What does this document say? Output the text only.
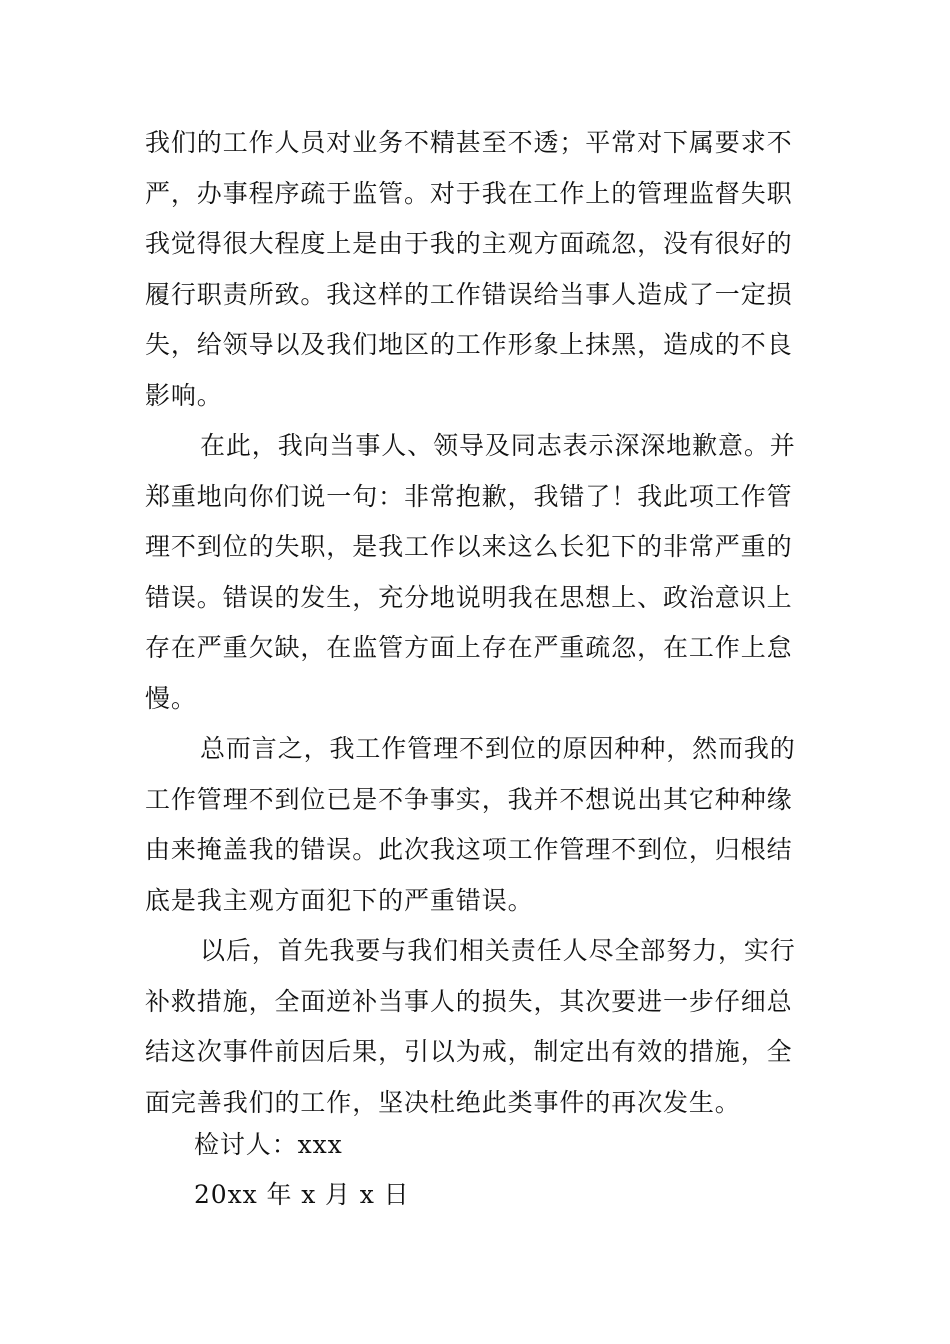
我们的工作人员对业务不精甚至不透；平常对下属要求不
严，办事程序疏于监管。对于我在工作上的管理监督失职
我觉得很大程度上是由于我的主观方面疏忽，没有很好的
履行职责所致。我这样的工作错误给当事人造成了一定损
失，给领导以及我们地区的工作形象上抹黑，造成的不良
影响。
在此，我向当事人、领导及同志表示深深地歉意。并
郑重地向你们说一句：非常抱歉，我错了！我此项工作管
理不到位的失职，是我工作以来这么长犯下的非常严重的
错误。错误的发生，充分地说明我在思想上、政治意识上
存在严重欠缺，在监管方面上存在严重疏忽，在工作上怠
慢。
总而言之，我工作管理不到位的原因种种，然而我的
工作管理不到位已是不争事实，我并不想说出其它种种缘
由来掩盖我的错误。此次我这项工作管理不到位，归根结
底是我主观方面犯下的严重错误。
以后，首先我要与我们相关责任人尽全部努力，实行
补救措施，全面逆补当事人的损失，其次要进一步仔细总
结这次事件前因后果，引以为戒，制定出有效的措施，全
面完善我们的工作，坚决杜绝此类事件的再次发生。
检讨人：xxx
20xx 年 x 月 x 日
